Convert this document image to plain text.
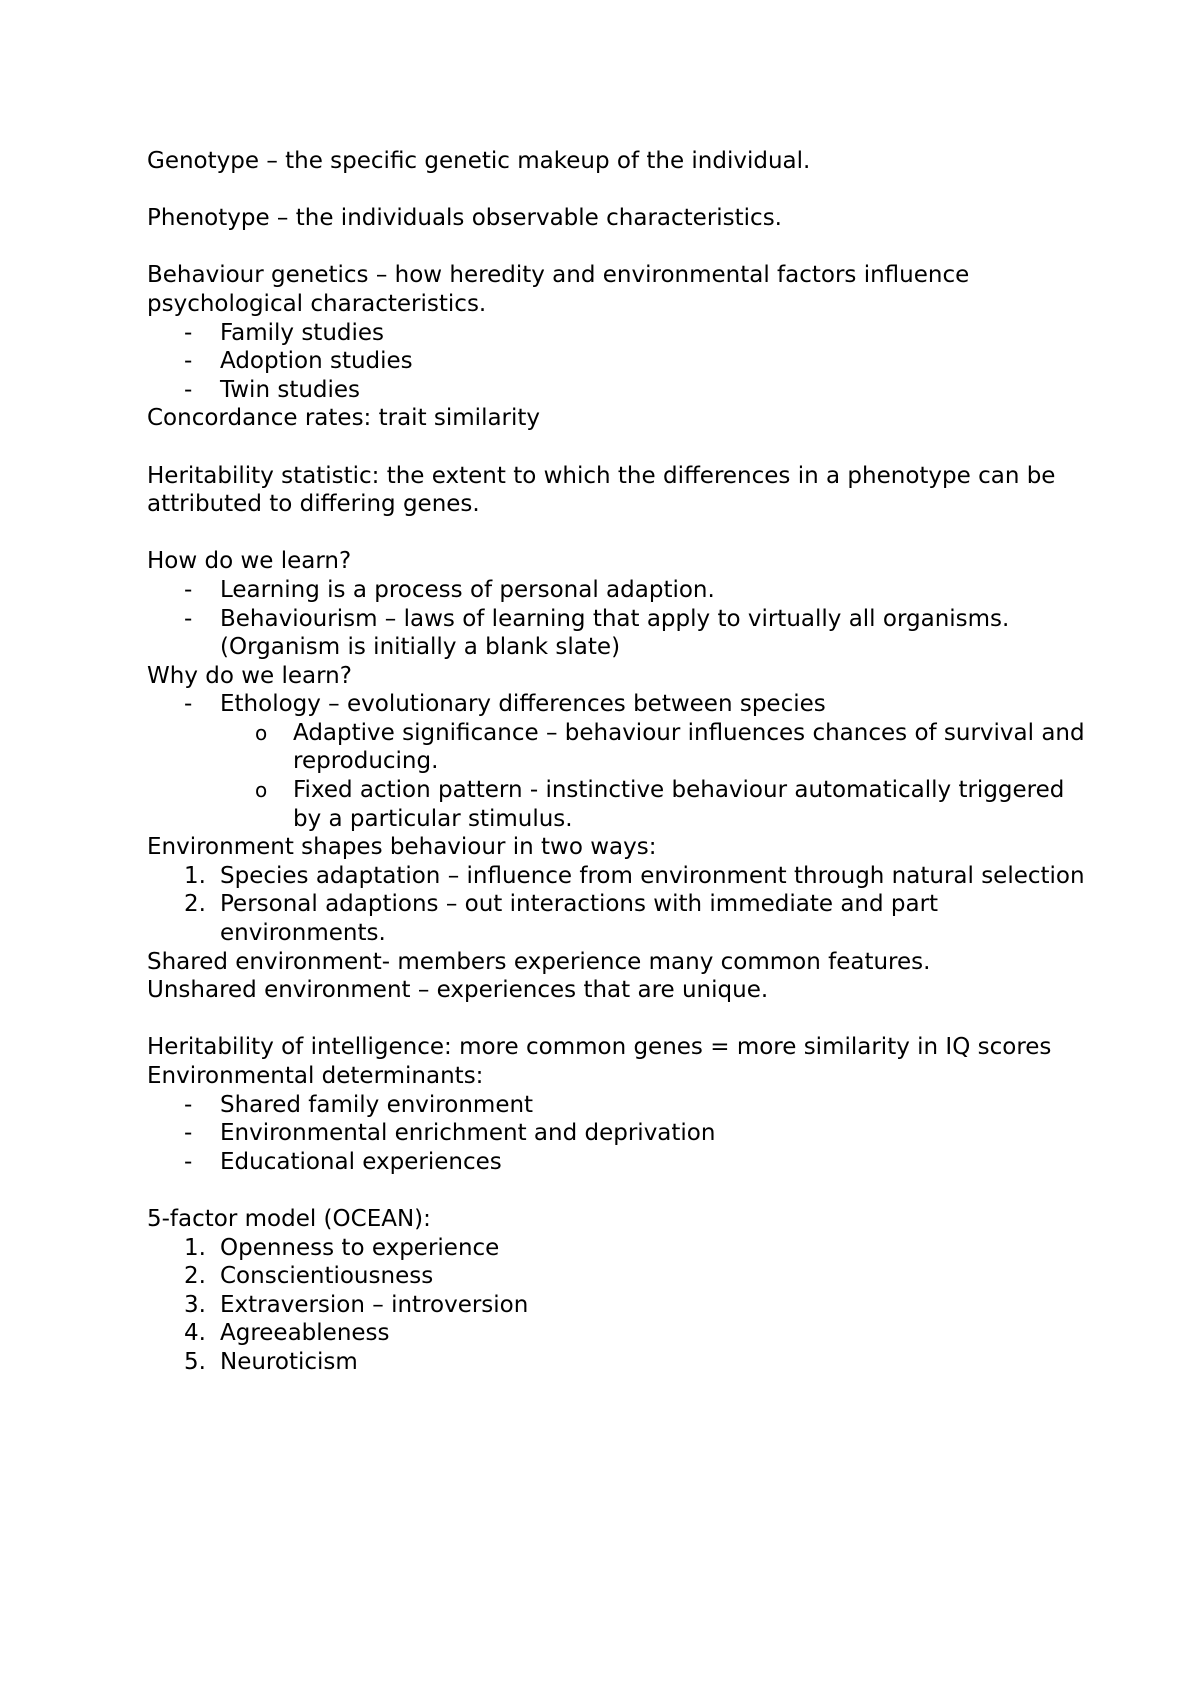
Genotype – the specific genetic makeup of the individual.

Phenotype – the individuals observable characteristics.

Behaviour genetics – how heredity and environmental factors influence psychological characteristics.

- Family studies
- Adoption studies
- Twin studies

Concordance rates: trait similarity

Heritability statistic: the extent to which the differences in a phenotype can be attributed to differing genes.

How do we learn?

- Learning is a process of personal adaption.
- Behaviourism – laws of learning that apply to virtually all organisms. (Organism is initially a blank slate)

Why do we learn?

- Ethology – evolutionary differences between species
o Adaptive significance – behaviour influences chances of survival and reproducing.
o Fixed action pattern - instinctive behaviour automatically triggered by a particular stimulus.

Environment shapes behaviour in two ways:

1. Species adaptation – influence from environment through natural selection
2. Personal adaptions – out interactions with immediate and part environments.

Shared environment- members experience many common features.

Unshared environment – experiences that are unique.

Heritability of intelligence: more common genes = more similarity in IQ scores

Environmental determinants:

- Shared family environment
- Environmental enrichment and deprivation
- Educational experiences

5-factor model (OCEAN):

1. Openness to experience
2. Conscientiousness
3. Extraversion – introversion
4. Agreeableness
5. Neuroticism
